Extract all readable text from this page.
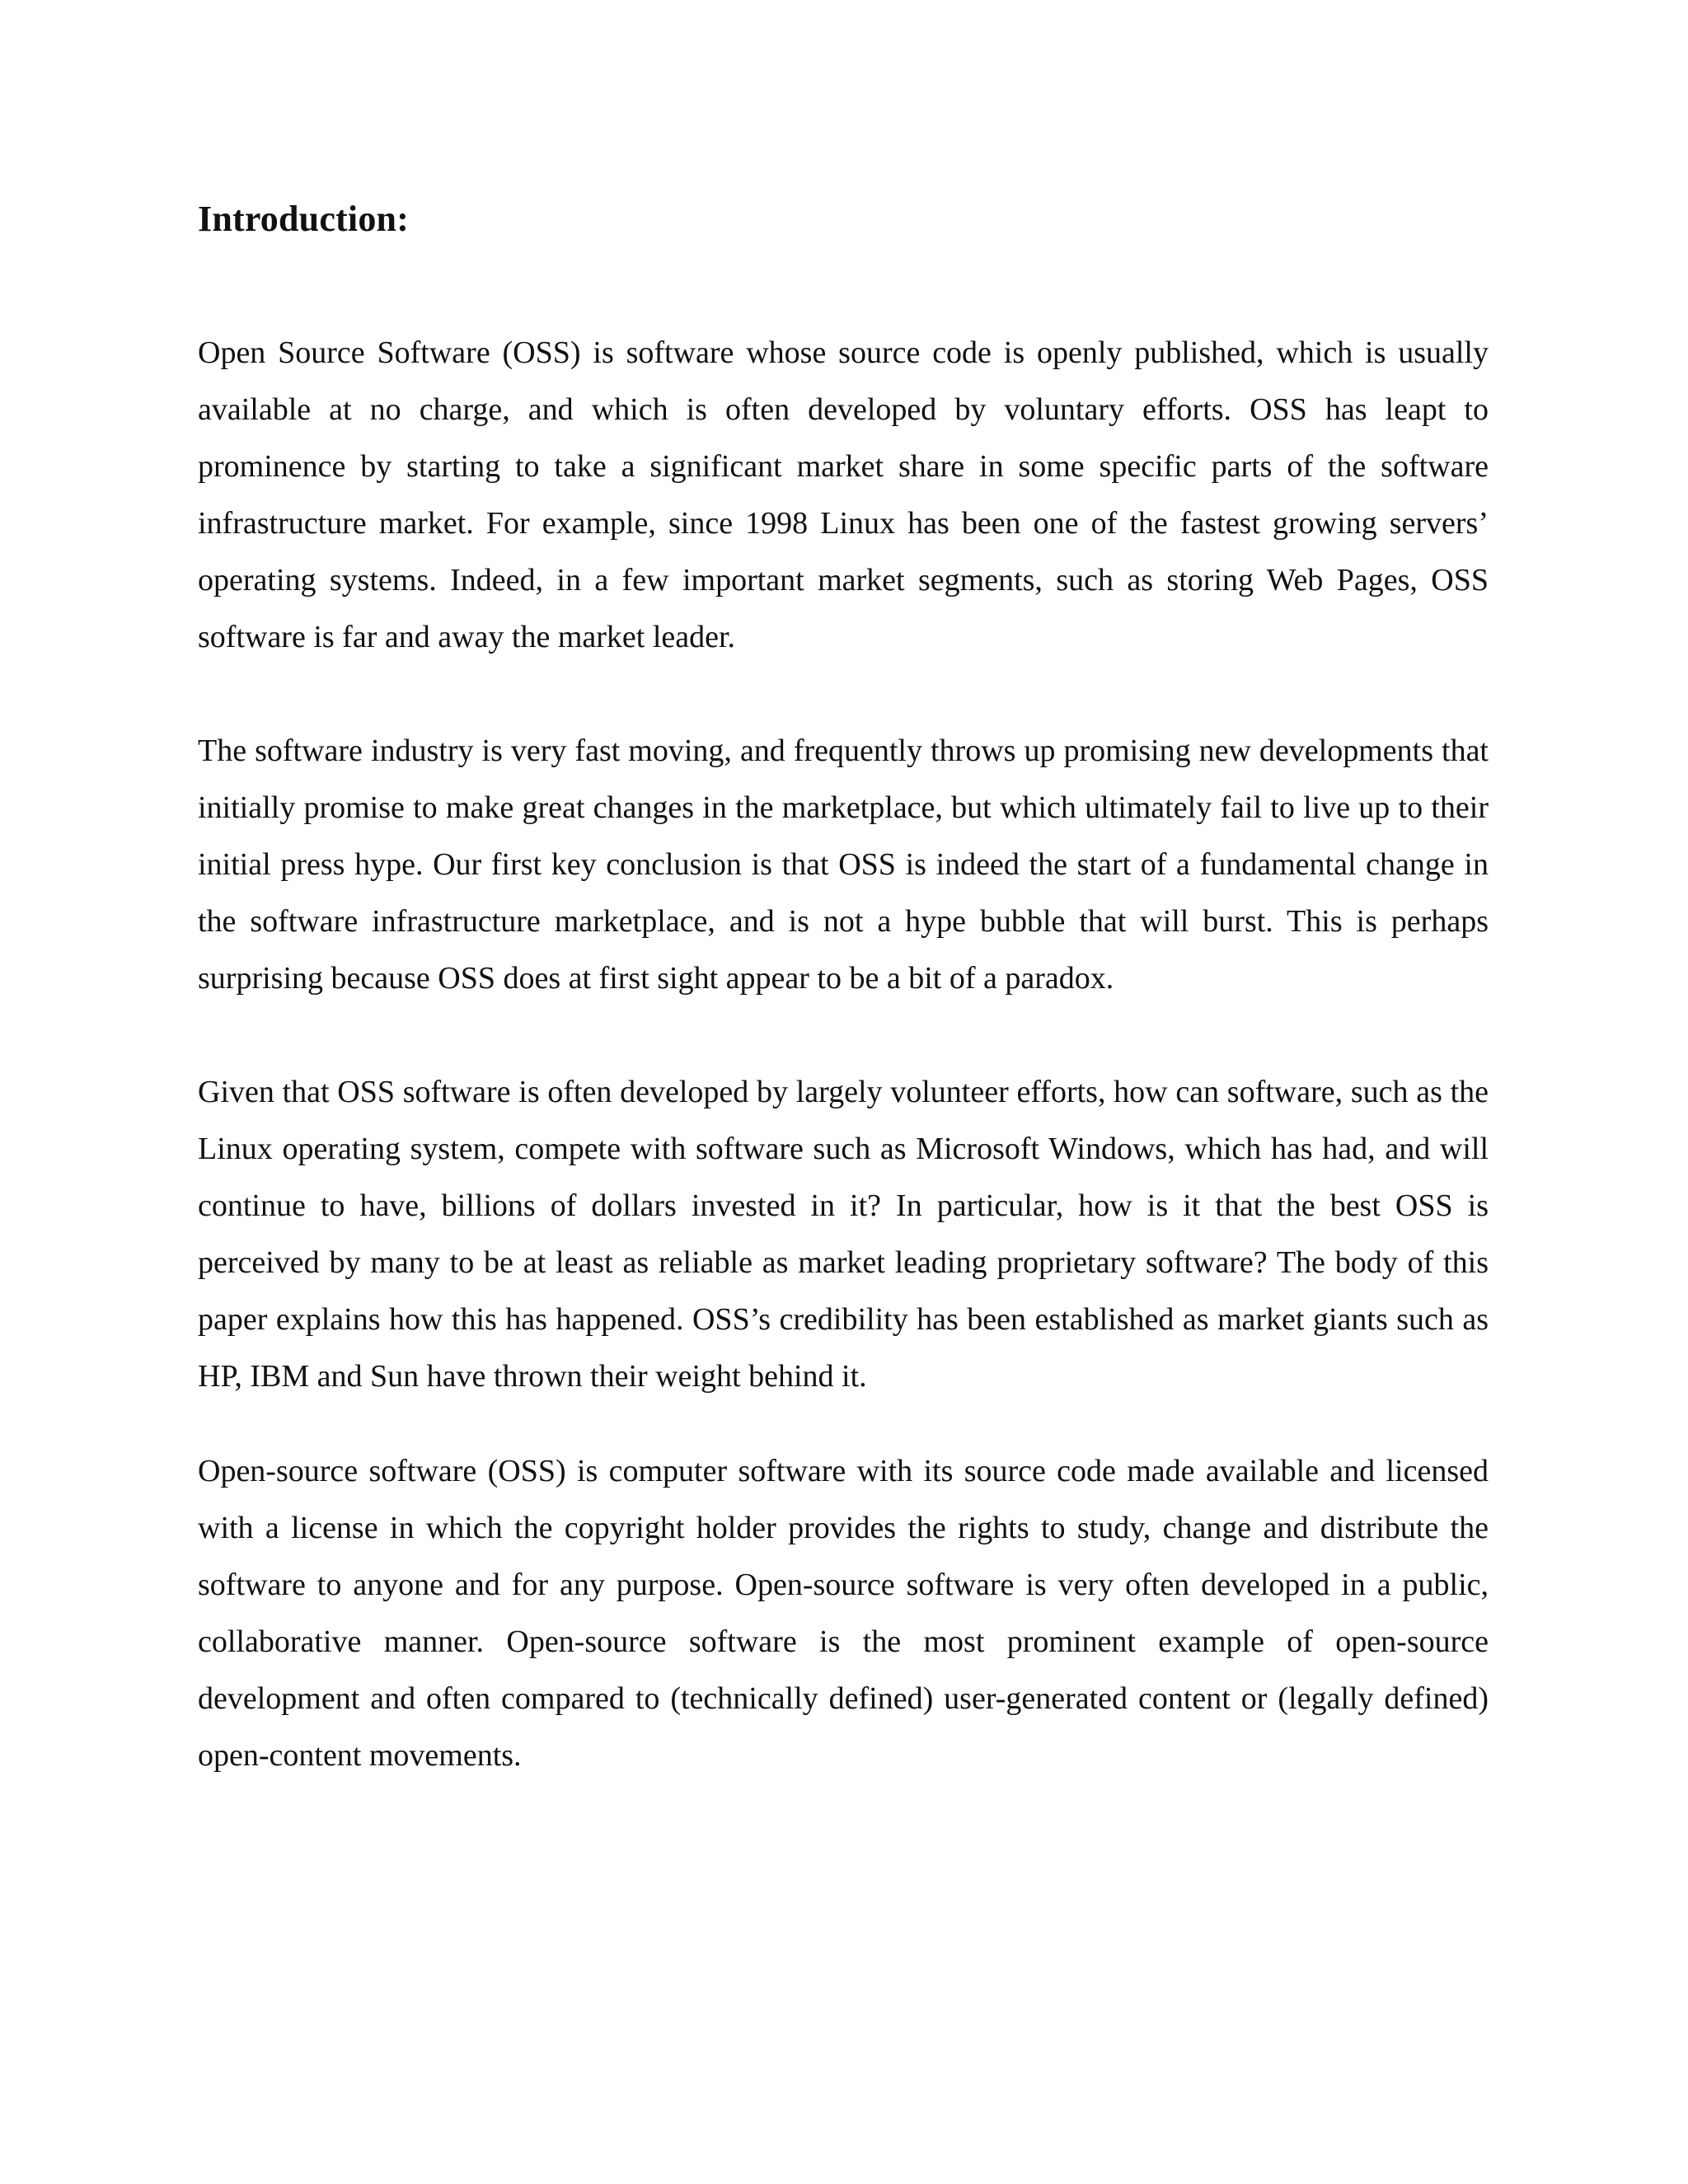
Introduction:

Open Source Software (OSS) is software whose source code is openly published, which is usually available at no charge, and which is often developed by voluntary efforts. OSS has leapt to prominence by starting to take a significant market share in some specific parts of the software infrastructure market. For example, since 1998 Linux has been one of the fastest growing servers’ operating systems. Indeed, in a few important market segments, such as storing Web Pages, OSS software is far and away the market leader.

The software industry is very fast moving, and frequently throws up promising new developments that initially promise to make great changes in the marketplace, but which ultimately fail to live up to their initial press hype. Our first key conclusion is that OSS is indeed the start of a fundamental change in the software infrastructure marketplace, and is not a hype bubble that will burst. This is perhaps surprising because OSS does at first sight appear to be a bit of a paradox.

Given that OSS software is often developed by largely volunteer efforts, how can software, such as the Linux operating system, compete with software such as Microsoft Windows, which has had, and will continue to have, billions of dollars invested in it? In particular, how is it that the best OSS is perceived by many to be at least as reliable as market leading proprietary software? The body of this paper explains how this has happened. OSS’s credibility has been established as market giants such as HP, IBM and Sun have thrown their weight behind it.

Open-source software (OSS) is computer software with its source code made available and licensed with a license in which the copyright holder provides the rights to study, change and distribute the software to anyone and for any purpose. Open-source software is very often developed in a public, collaborative manner. Open-source software is the most prominent example of open-source development and often compared to (technically defined) user-generated content or (legally defined) open-content movements.
